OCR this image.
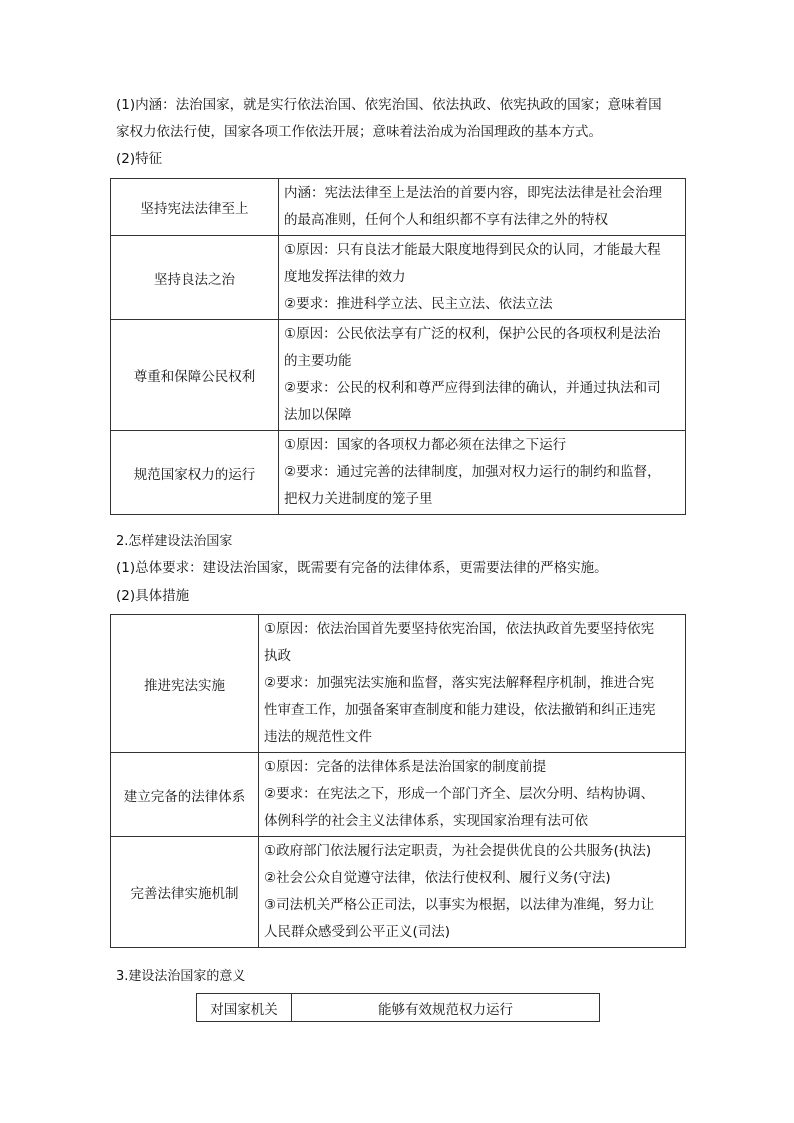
(1)内涵：法治国家，就是实行依法治国、依宪治国、依法执政、依宪执政的国家；意味着国
家权力依法行使，国家各项工作依法开展；意味着法治成为治国理政的基本方式。

(2)特征

坚持宪法法律至上	内涵：宪法法律至上是法治的首要内容，即宪法法律是社会治理
的最高准则，任何个人和组织都不享有法律之外的特权

坚持良法之治	①原因：只有良法才能最大限度地得到民众的认同，才能最大程
度地发挥法律的效力
②要求：推进科学立法、民主立法、依法立法

尊重和保障公民权利	①原因：公民依法享有广泛的权利，保护公民的各项权利是法治
的主要功能
②要求：公民的权利和尊严应得到法律的确认，并通过执法和司
法加以保障

规范国家权力的运行	①原因：国家的各项权力都必须在法律之下运行
②要求：通过完善的法律制度，加强对权力运行的制约和监督，
把权力关进制度的笼子里

2.怎样建设法治国家

(1)总体要求：建设法治国家，既需要有完备的法律体系，更需要法律的严格实施。

(2)具体措施

推进宪法实施	①原因：依法治国首先要坚持依宪治国，依法执政首先要坚持依宪
执政
②要求：加强宪法实施和监督，落实宪法解释程序机制，推进合宪
性审查工作，加强备案审查制度和能力建设，依法撤销和纠正违宪
违法的规范性文件

建立完备的法律体系	①原因：完备的法律体系是法治国家的制度前提
②要求：在宪法之下，形成一个部门齐全、层次分明、结构协调、
体例科学的社会主义法律体系，实现国家治理有法可依

完善法律实施机制	①政府部门依法履行法定职责，为社会提供优良的公共服务(执法)
②社会公众自觉遵守法律，依法行使权利、履行义务(守法)
③司法机关严格公正司法，以事实为根据，以法律为准绳，努力让
人民群众感受到公平正义(司法)

3.建设法治国家的意义

对国家机关	能够有效规范权力运行
